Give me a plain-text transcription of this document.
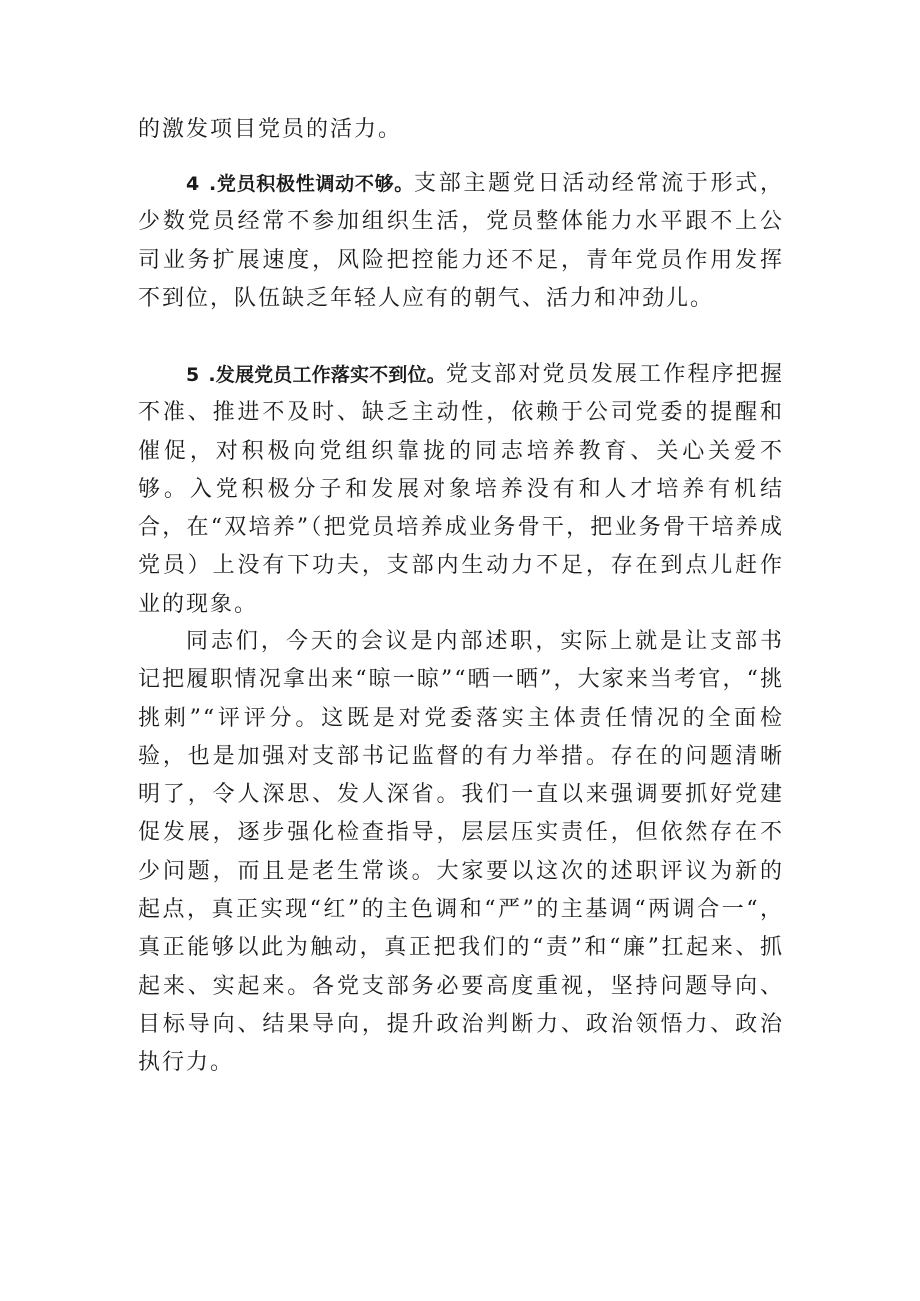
的激发项目党员的活力。

4 .党员积极性调动不够。支部主题党日活动经常流于形式，少数党员经常不参加组织生活，党员整体能力水平跟不上公司业务扩展速度，风险把控能力还不足，青年党员作用发挥不到位，队伍缺乏年轻人应有的朝气、活力和冲劲儿。

5 .发展党员工作落实不到位。党支部对党员发展工作程序把握不准、推进不及时、缺乏主动性，依赖于公司党委的提醒和催促，对积极向党组织靠拢的同志培养教育、关心关爱不够。入党积极分子和发展对象培养没有和人才培养有机结合，在“双培养”（把党员培养成业务骨干，把业务骨干培养成党员）上没有下功夫，支部内生动力不足，存在到点儿赶作业的现象。

同志们，今天的会议是内部述职，实际上就是让支部书记把履职情况拿出来“晾一晾”“晒一晒”，大家来当考官，“挑挑刺”“评评分。这既是对党委落实主体责任情况的全面检验，也是加强对支部书记监督的有力举措。存在的问题清晰明了，令人深思、发人深省。我们一直以来强调要抓好党建促发展，逐步强化检查指导，层层压实责任，但依然存在不少问题，而且是老生常谈。大家要以这次的述职评议为新的起点，真正实现“红”的主色调和“严”的主基调“两调合一“，真正能够以此为触动，真正把我们的“责”和“廉”扛起来、抓起来、实起来。各党支部务必要高度重视，坚持问题导向、目标导向、结果导向，提升政治判断力、政治领悟力、政治执行力。
